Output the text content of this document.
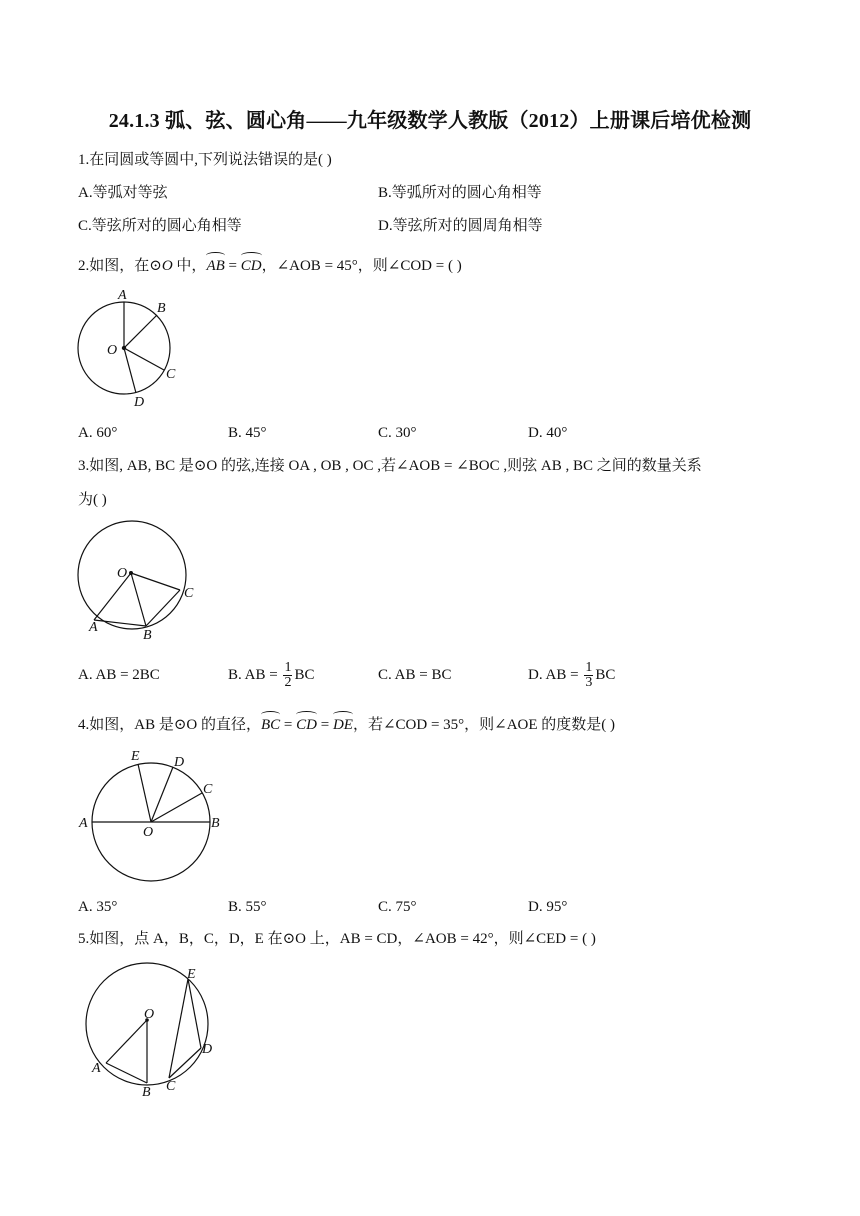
24.1.3 弧、弦、圆心角——九年级数学人教版（2012）上册课后培优检测
1.在同圆或等圆中,下列说法错误的是( )
A.等弧对等弦	B.等弧所对的圆心角相等
C.等弦所对的圆心角相等	D.等弦所对的圆周角相等
2.如图，在⊙O 中，AB = CD，∠AOB = 45°，则∠COD = ( )
A
B
C
D
O
A. 60°	B. 45°	C. 30°	D. 40°
3.如图, AB, BC 是⊙O 的弦,连接 OA , OB , OC ,若∠AOB = ∠BOC ,则弦 AB , BC 之间的数量关系
为( )
A
B
C
O
A. AB = 2BC	B. AB = $\frac{1}{2}$ BC	C. AB = BC	D. AB = $\frac{1}{3}$ BC
4.如图，AB 是⊙O 的直径，BC = CD = DE，若∠COD = 35°，则∠AOE 的度数是( )
A	B
C
D
E
O
A. 35°	B. 55°	C. 75°	D. 95°
5.如图，点 A，B，C，D，E 在⊙O 上，AB = CD，∠AOB = 42°，则∠CED = ( )
A
B C
D
E
O
